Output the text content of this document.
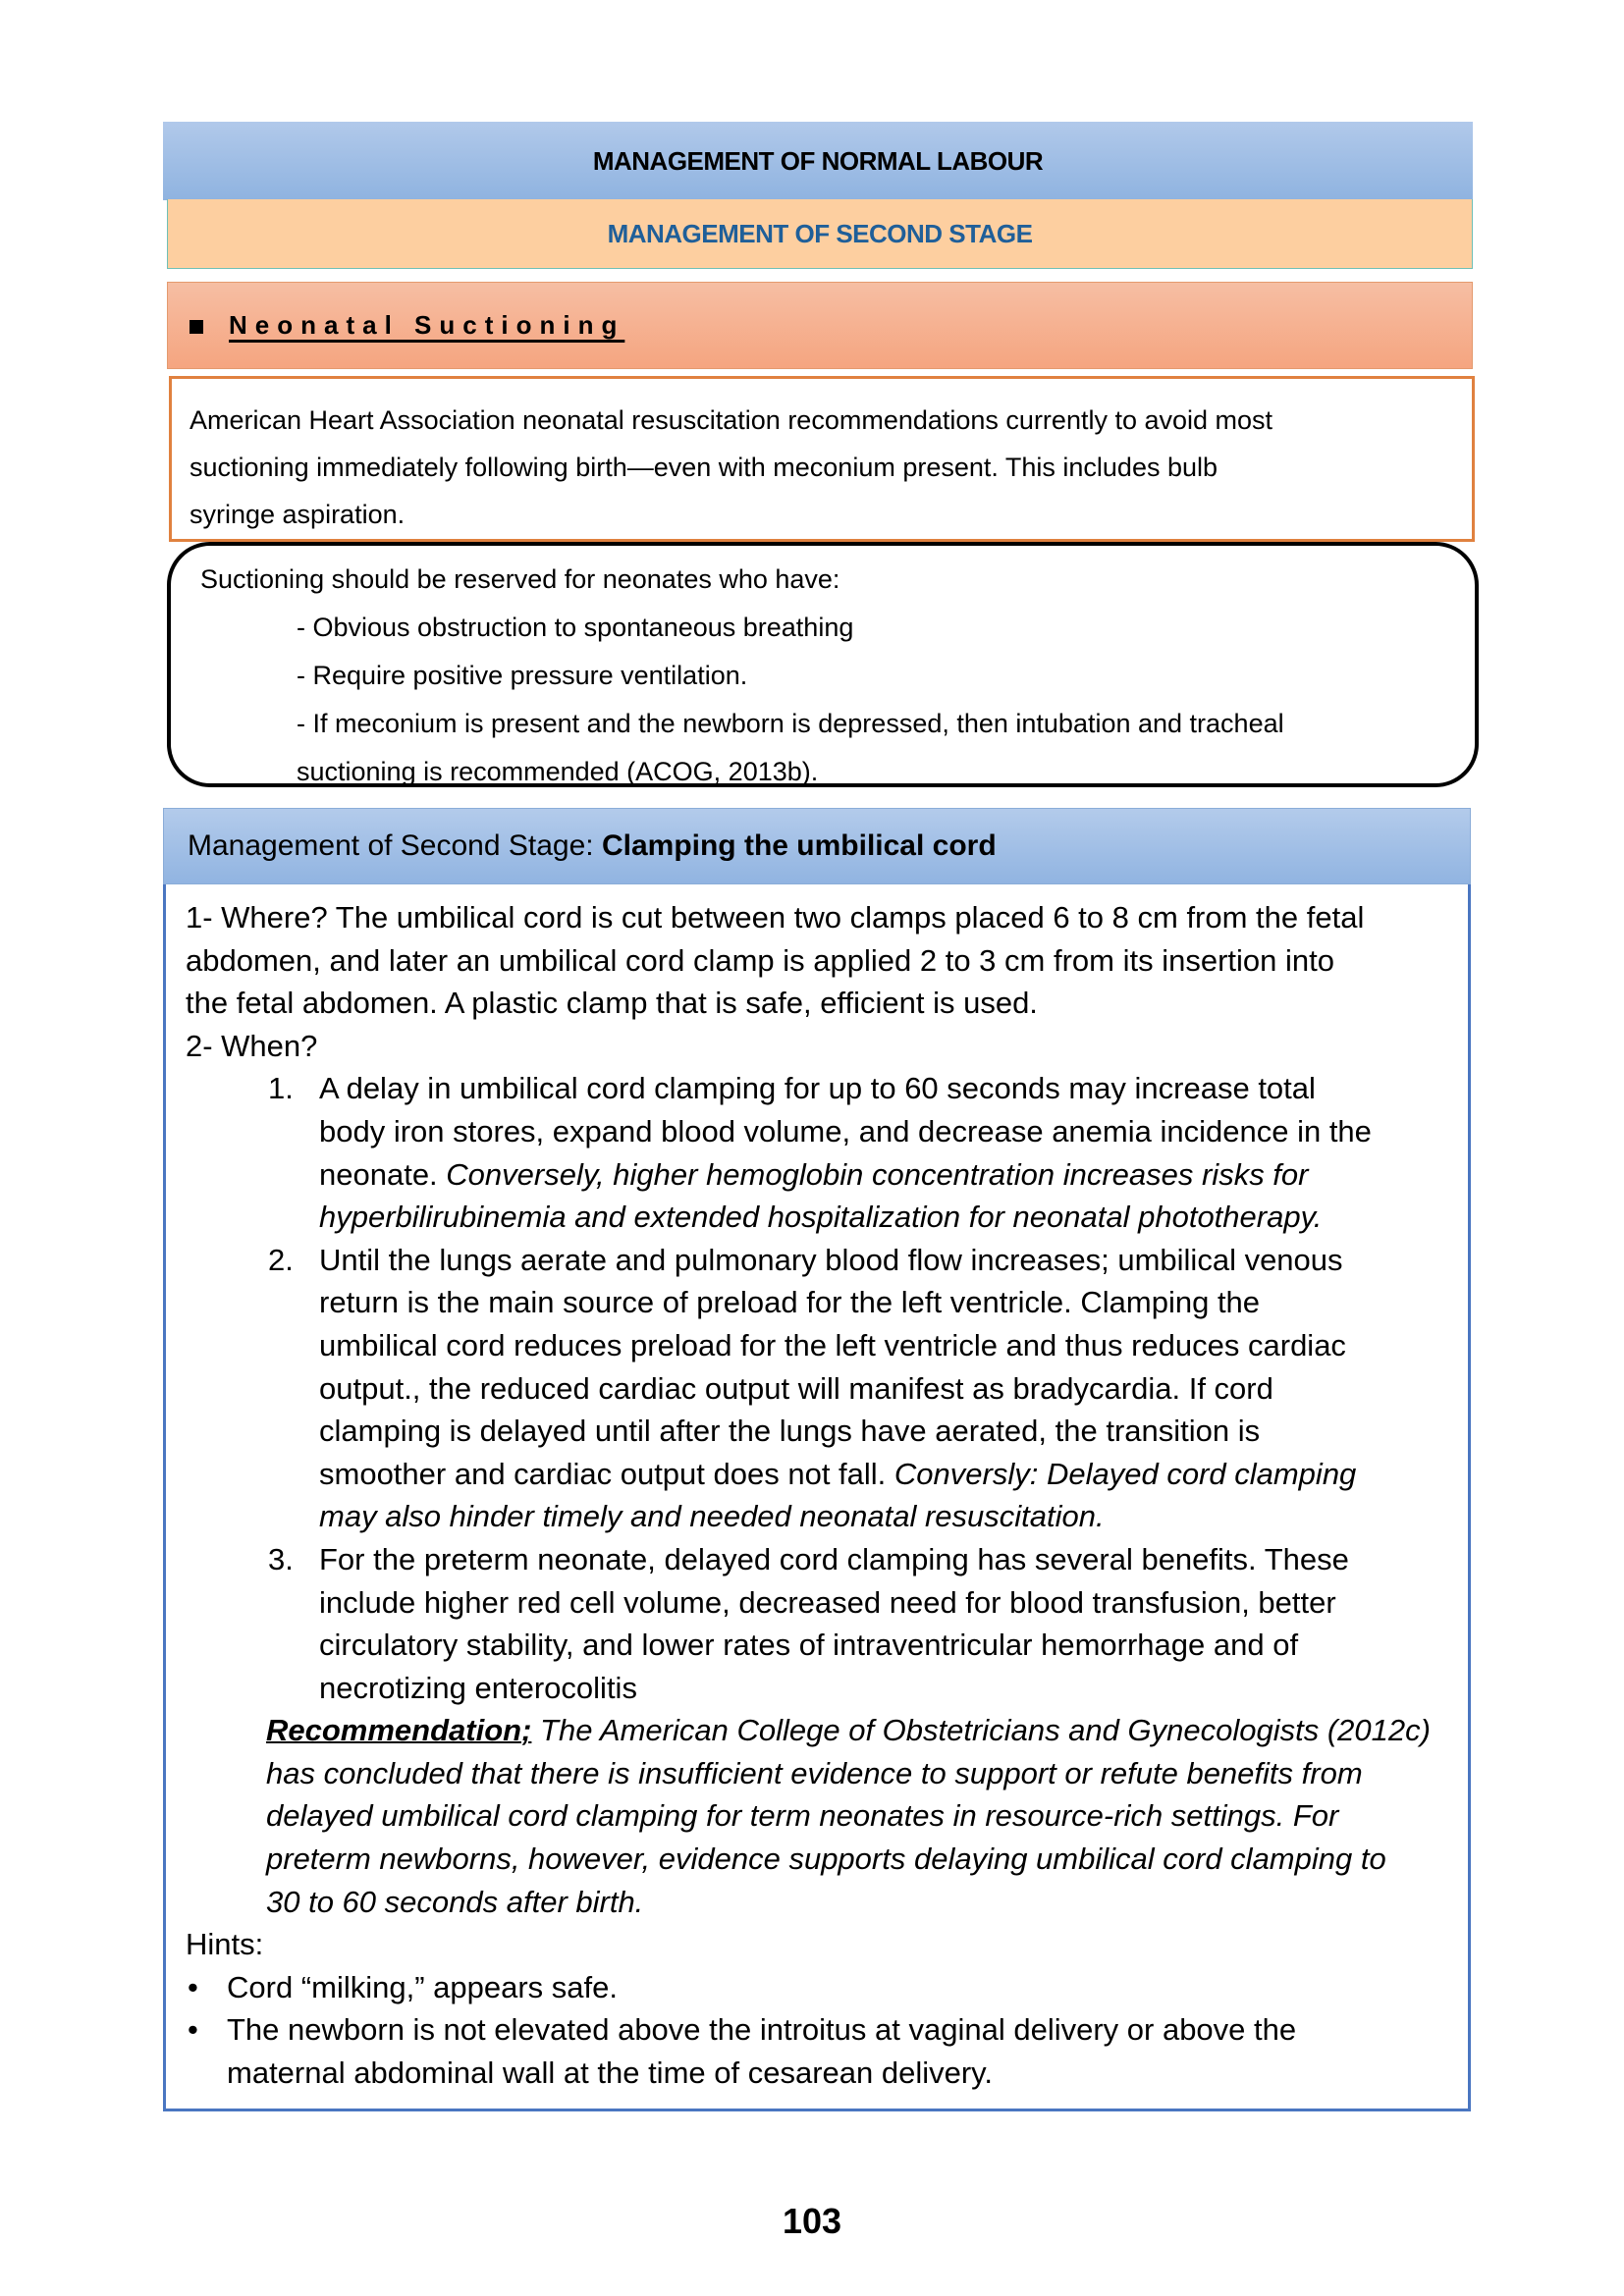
MANAGEMENT OF NORMAL LABOUR
MANAGEMENT OF SECOND STAGE
Neonatal Suctioning
American Heart Association neonatal resuscitation recommendations currently to avoid most
suctioning immediately following birth—even with meconium present. This includes bulb
syringe aspiration.
Suctioning should be reserved for neonates who have:
- Obvious obstruction to spontaneous breathing
- Require positive pressure ventilation.
- If meconium is present and the newborn is depressed, then intubation and tracheal
suctioning is recommended (ACOG, 2013b).
Management of Second Stage: Clamping the umbilical cord

1- Where? The umbilical cord is cut between two clamps placed 6 to 8 cm from the fetal

abdomen, and later an umbilical cord clamp is applied 2 to 3 cm from its insertion into

the fetal abdomen. A plastic clamp that is safe, efficient is used.

2- When?

1. A delay in umbilical cord clamping for up to 60 seconds may increase total
body iron stores, expand blood volume, and decrease anemia incidence in the
neonate. Conversely, higher hemoglobin concentration increases risks for
hyperbilirubinemia and extended hospitalization for neonatal phototherapy.
2. Until the lungs aerate and pulmonary blood flow increases; umbilical venous
return is the main source of preload for the left ventricle. Clamping the
umbilical cord reduces preload for the left ventricle and thus reduces cardiac
output., the reduced cardiac output will manifest as bradycardia. If cord
clamping is delayed until after the lungs have aerated, the transition is
smoother and cardiac output does not fall. Conversly: Delayed cord clamping
may also hinder timely and needed neonatal resuscitation.
3. For the preterm neonate, delayed cord clamping has several benefits. These
include higher red cell volume, decreased need for blood transfusion, better
circulatory stability, and lower rates of intraventricular hemorrhage and of
necrotizing enterocolitis
Recommendation; The American College of Obstetricians and Gynecologists (2012c)
has concluded that there is insufficient evidence to support or refute benefits from
delayed umbilical cord clamping for term neonates in resource-rich settings. For
preterm newborns, however, evidence supports delaying umbilical cord clamping to
30 to 60 seconds after birth.

Hints:

• Cord “milking,” appears safe.
• The newborn is not elevated above the introitus at vaginal delivery or above the
maternal abdominal wall at the time of cesarean delivery.
103
